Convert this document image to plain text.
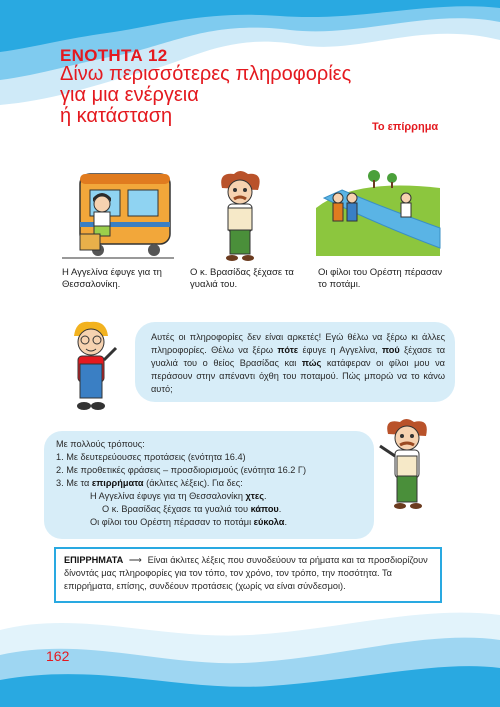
ΕΝΟΤΗΤΑ 12
Δίνω περισσότερες πληροφορίες
για μια ενέργεια
ή κατάσταση	Το επίρρημα
Η Αγγελίνα έφυγε για τη
Θεσσαλονίκη.
Ο κ. Βρασίδας ξέχασε τα
γυαλιά του.
Οι φίλοι του Ορέστη πέρασαν
το ποτάμι.
Αυτές οι πληροφορίες δεν είναι αρκετές! Εγώ θέλω να ξέρω κι άλλες πληροφορίες. Θέλω να ξέρω πότε έφυγε η Αγγελίνα, πού ξέχασε τα γυαλιά του ο θείος Βρασίδας και πώς κατάφεραν οι φίλοι μου να περάσουν στην απέναντι όχθη του ποταμού. Πώς μπορώ να το κάνω αυτό;
Με πολλούς τρόπους:
1. Με δευτερεύουσες προτάσεις (ενότητα 16.4)
2. Με προθετικές φράσεις – προσδιορισμούς (ενότητα 16.2 Γ)
3. Με τα επιρρήματα (άκλιτες λέξεις). Για δες:
Η Αγγελίνα έφυγε για τη Θεσσαλονίκη χτες.
Ο κ. Βρασίδας ξέχασε τα γυαλιά του κάπου.
Οι φίλοι του Ορέστη πέρασαν το ποτάμι εύκολα.
ΕΠΙΡΡΗΜΑΤΑ ⟶ Είναι άκλιτες λέξεις που συνοδεύουν τα ρήματα και τα προσδιορίζουν δίνοντάς μας πληροφορίες για τον τόπο, τον χρόνο, τον τρόπο, την ποσότητα. Τα επιρρήματα, επίσης, συνδέουν προτάσεις (χωρίς να είναι σύνδεσμοι).
162
